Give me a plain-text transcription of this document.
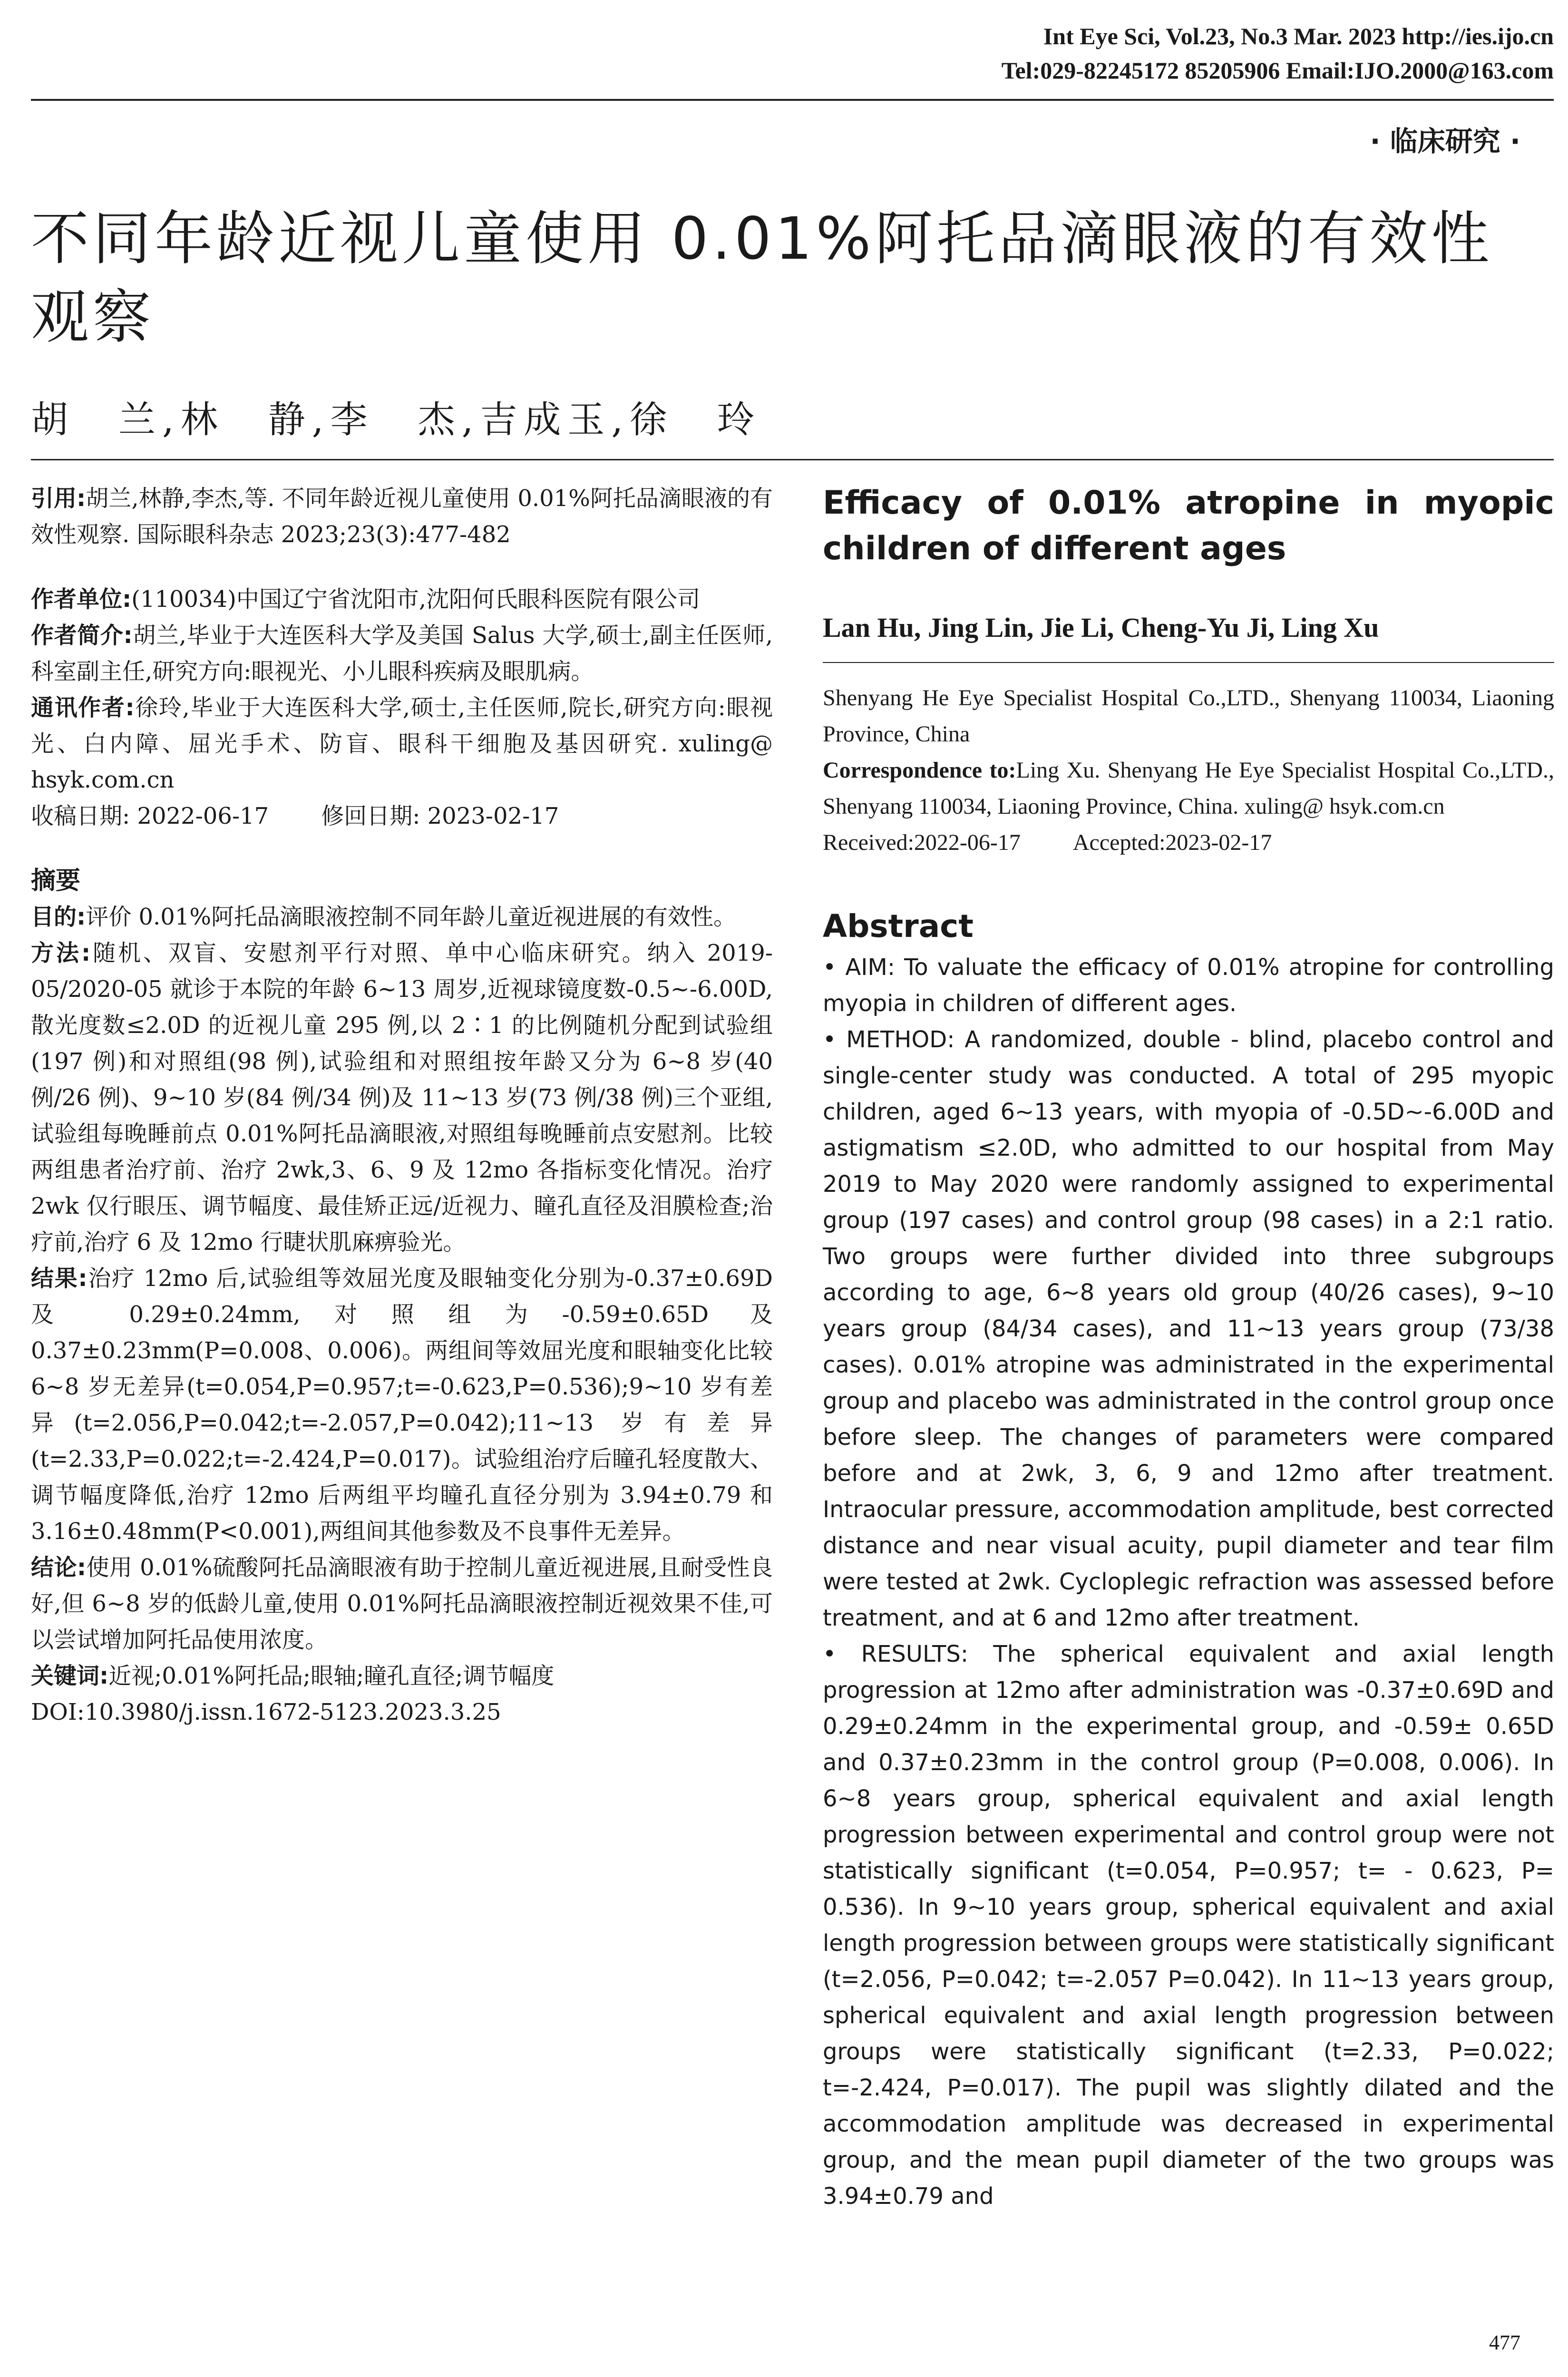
Int Eye Sci, Vol.23, No.3 Mar. 2023 http://ies.ijo.cn
Tel:029-82245172 85205906 Email:IJO.2000@163.com
· 临床研究 ·
不同年龄近视儿童使用 0.01%阿托品滴眼液的有效性观察
胡　兰,林　静,李　杰,吉成玉,徐　玲

引用:胡兰,林静,李杰,等. 不同年龄近视儿童使用 0.01%阿托品滴眼液的有效性观察. 国际眼科杂志 2023;23(3):477-482

作者单位:(110034)中国辽宁省沈阳市,沈阳何氏眼科医院有限公司

作者简介:胡兰,毕业于大连医科大学及美国 Salus 大学,硕士,副主任医师,科室副主任,研究方向:眼视光、小儿眼科疾病及眼肌病。

通讯作者:徐玲,毕业于大连医科大学,硕士,主任医师,院长,研究方向:眼视光、白内障、屈光手术、防盲、眼科干细胞及基因研究. xuling@ hsyk.com.cn

收稿日期: 2022-06-17 修回日期: 2023-02-17
摘要

目的:评价 0.01%阿托品滴眼液控制不同年龄儿童近视进展的有效性。

方法:随机、双盲、安慰剂平行对照、单中心临床研究。纳入 2019-05/2020-05 就诊于本院的年龄 6~13 周岁,近视球镜度数-0.5~-6.00D,散光度数≤2.0D 的近视儿童 295 例,以 2∶1 的比例随机分配到试验组(197 例)和对照组(98 例),试验组和对照组按年龄又分为 6~8 岁(40 例/26 例)、9~10 岁(84 例/34 例)及 11~13 岁(73 例/38 例)三个亚组,试验组每晚睡前点 0.01%阿托品滴眼液,对照组每晚睡前点安慰剂。比较两组患者治疗前、治疗 2wk,3、6、9 及 12mo 各指标变化情况。治疗 2wk 仅行眼压、调节幅度、最佳矫正远/近视力、瞳孔直径及泪膜检查;治疗前,治疗 6 及 12mo 行睫状肌麻痹验光。

结果:治疗 12mo 后,试验组等效屈光度及眼轴变化分别为-0.37±0.69D 及 0.29±0.24mm,对照组为-0.59±0.65D 及 0.37±0.23mm(P=0.008、0.006)。两组间等效屈光度和眼轴变化比较 6~8 岁无差异(t=0.054,P=0.957;t=-0.623,P=0.536);9~10 岁有差异(t=2.056,P=0.042;t=-2.057,P=0.042);11~13 岁有差异(t=2.33,P=0.022;t=-2.424,P=0.017)。试验组治疗后瞳孔轻度散大、调节幅度降低,治疗 12mo 后两组平均瞳孔直径分别为 3.94±0.79 和 3.16±0.48mm(P<0.001),两组间其他参数及不良事件无差异。

结论:使用 0.01%硫酸阿托品滴眼液有助于控制儿童近视进展,且耐受性良好,但 6~8 岁的低龄儿童,使用 0.01%阿托品滴眼液控制近视效果不佳,可以尝试增加阿托品使用浓度。

关键词:近视;0.01%阿托品;眼轴;瞳孔直径;调节幅度

DOI:10.3980/j.issn.1672-5123.2023.3.25

Efficacy of 0.01% atropine in myopic children of different ages

Lan Hu, Jing Lin, Jie Li, Cheng-Yu Ji, Ling Xu

Shenyang He Eye Specialist Hospital Co.,LTD., Shenyang 110034, Liaoning Province, China

Correspondence to:Ling Xu. Shenyang He Eye Specialist Hospital Co.,LTD., Shenyang 110034, Liaoning Province, China. xuling@ hsyk.com.cn

Received:2022-06-17 Accepted:2023-02-17
Abstract

• AIM: To valuate the efficacy of 0.01% atropine for controlling myopia in children of different ages.

• METHOD: A randomized, double - blind, placebo control and single-center study was conducted. A total of 295 myopic children, aged 6~13 years, with myopia of -0.5D~-6.00D and astigmatism ≤2.0D, who admitted to our hospital from May 2019 to May 2020 were randomly assigned to experimental group (197 cases) and control group (98 cases) in a 2:1 ratio. Two groups were further divided into three subgroups according to age, 6~8 years old group (40/26 cases), 9~10 years group (84/34 cases), and 11~13 years group (73/38 cases). 0.01% atropine was administrated in the experimental group and placebo was administrated in the control group once before sleep. The changes of parameters were compared before and at 2wk, 3, 6, 9 and 12mo after treatment. Intraocular pressure, accommodation amplitude, best corrected distance and near visual acuity, pupil diameter and tear film were tested at 2wk. Cycloplegic refraction was assessed before treatment, and at 6 and 12mo after treatment.

• RESULTS: The spherical equivalent and axial length progression at 12mo after administration was -0.37±0.69D and 0.29±0.24mm in the experimental group, and -0.59± 0.65D and 0.37±0.23mm in the control group (P=0.008, 0.006). In 6~8 years group, spherical equivalent and axial length progression between experimental and control group were not statistically significant (t=0.054, P=0.957; t= - 0.623, P= 0.536). In 9~10 years group, spherical equivalent and axial length progression between groups were statistically significant (t=2.056, P=0.042; t=-2.057 P=0.042). In 11~13 years group, spherical equivalent and axial length progression between groups were statistically significant (t=2.33, P=0.022; t=-2.424, P=0.017). The pupil was slightly dilated and the accommodation amplitude was decreased in experimental group, and the mean pupil diameter of the two groups was 3.94±0.79 and

477
